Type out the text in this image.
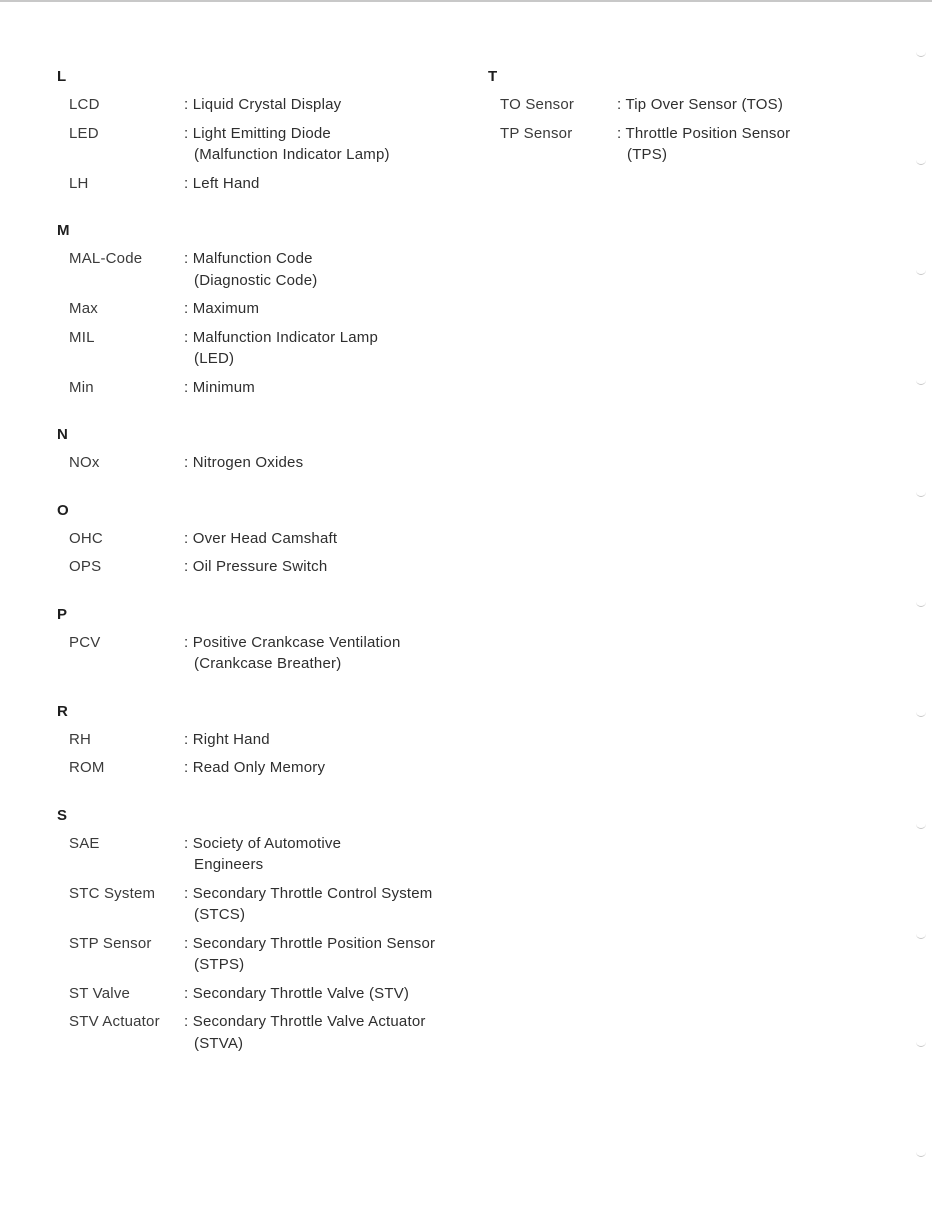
L
LCD	: Liquid Crystal Display
LED	: Light Emitting Diode
(Malfunction Indicator Lamp)
LH	: Left Hand
M
MAL-Code	: Malfunction Code
(Diagnostic Code)
Max	: Maximum
MIL	: Malfunction Indicator Lamp
(LED)
Min	: Minimum
N
NOx	: Nitrogen Oxides
O
OHC	: Over Head Camshaft
OPS	: Oil Pressure Switch
P
PCV	: Positive Crankcase Ventilation
(Crankcase Breather)
R
RH	: Right Hand
ROM	: Read Only Memory
S
SAE	: Society of Automotive
Engineers
STC System	: Secondary Throttle Control System
(STCS)
STP Sensor	: Secondary Throttle Position Sensor
(STPS)
ST Valve	: Secondary Throttle Valve (STV)
STV Actuator	: Secondary Throttle Valve Actuator
(STVA)
T
TO Sensor	: Tip Over Sensor (TOS)
TP Sensor	: Throttle Position Sensor
(TPS)
